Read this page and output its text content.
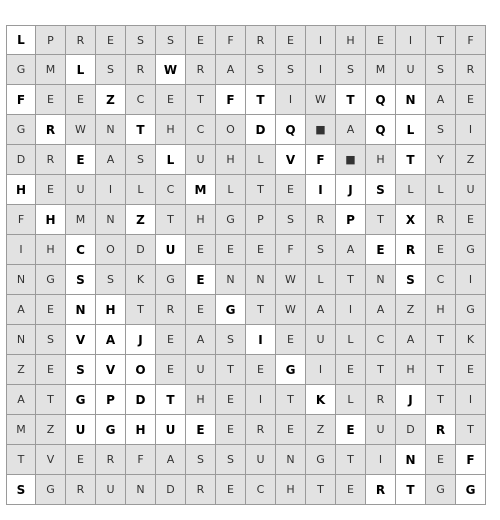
L	P	R	E	S	S	E	F	R	E	I	H	E	I	T	F
G	M	L	S	R	W	R	A	S	S	I	S	M	U	S	R
F	E	E	Z	C	E	T	F	T	I	W	T	Q	N	A	E
G	R	W	N	T	H	C	O	D	Q	■	A	Q	L	S	I
D	R	E	A	S	L	U	H	L	V	F	■	H	T	Y	Z
H	E	U	I	L	C	M	L	T	E	I	J	S	L	L	U
F	H	M	N	Z	T	H	G	P	S	R	P	T	X	R	E
I	H	C	O	D	U	E	E	E	F	S	A	E	R	E	G
N	G	S	S	K	G	E	N	N	W	L	T	N	S	C	I
A	E	N	H	T	R	E	G	T	W	A	I	A	Z	H	G
N	S	V	A	J	E	A	S	I	E	U	L	C	A	T	K
Z	E	S	V	O	E	U	T	E	G	I	E	T	H	T	E
A	T	G	P	D	T	H	E	I	T	K	L	R	J	T	I
M	Z	U	G	H	U	E	E	R	E	Z	E	U	D	R	T
T	V	E	R	F	A	S	S	U	N	G	T	I	N	E	F
S	G	R	U	N	D	R	E	C	H	T	E	R	T	G	G
